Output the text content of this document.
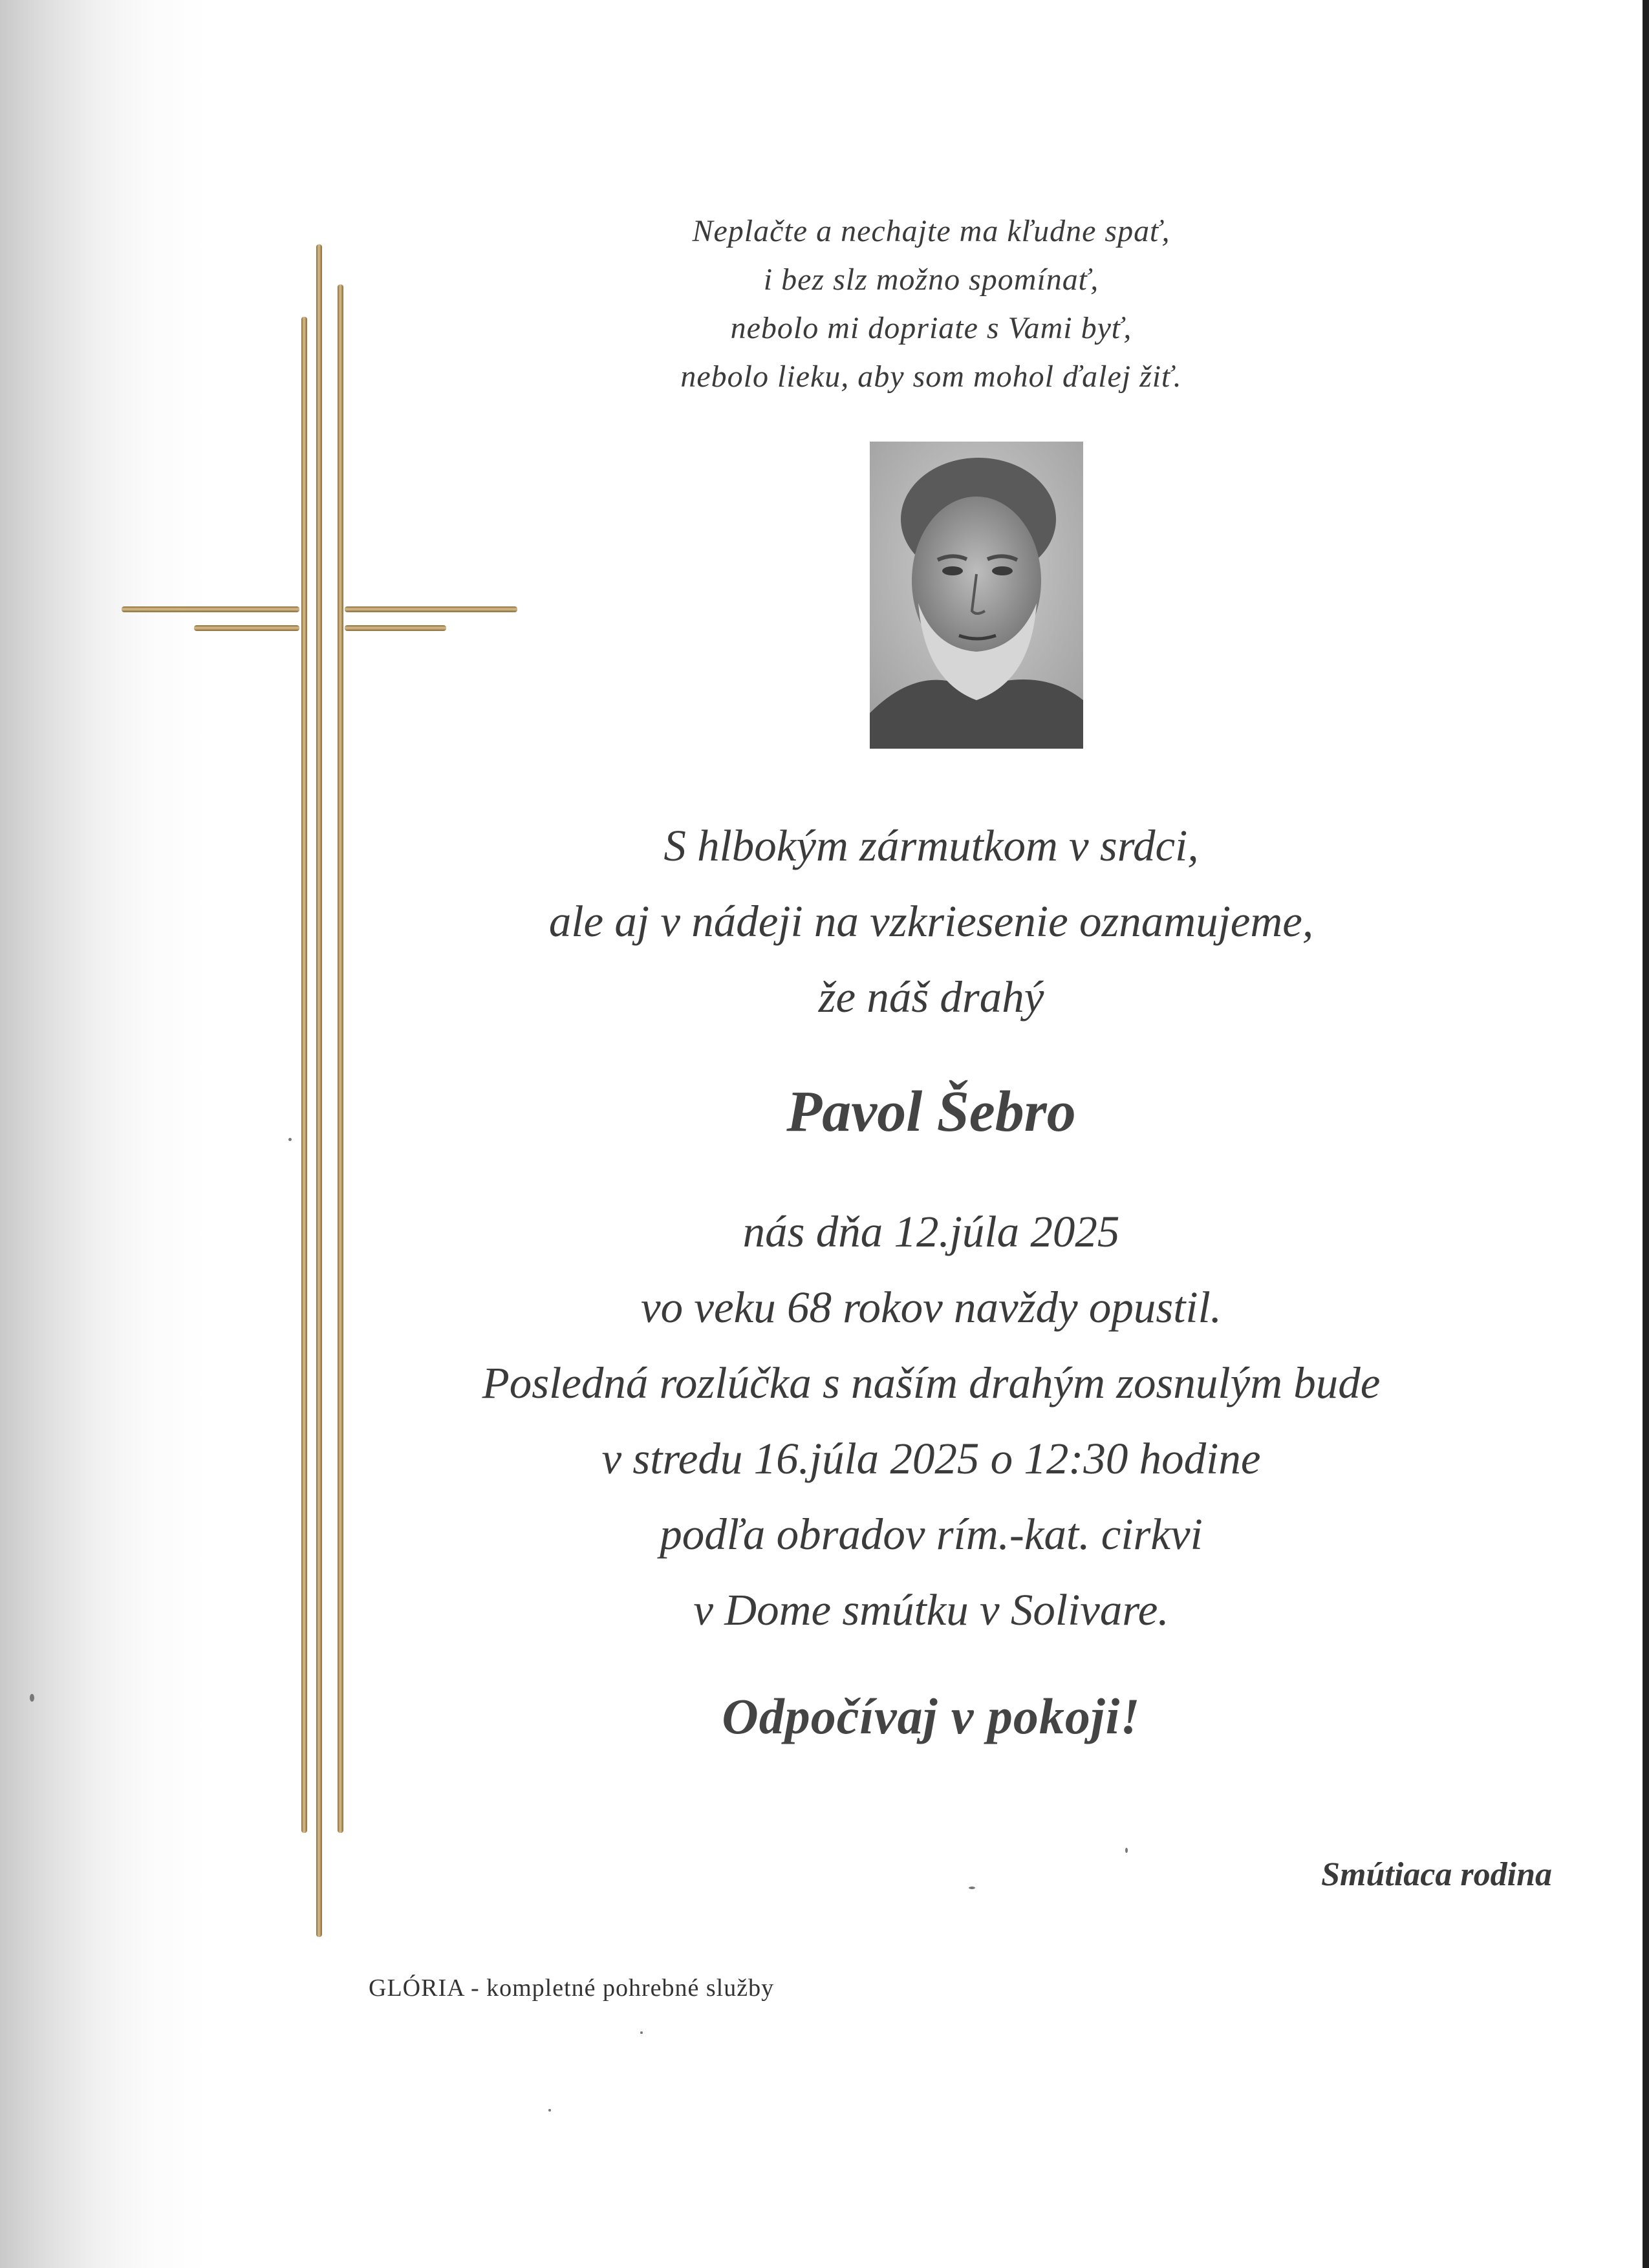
Neplačte a nechajte ma kľudne spať,
i bez slz možno spomínať,
nebolo mi dopriate s Vami byť,
nebolo lieku, aby som mohol ďalej žiť.
S hlbokým zármutkom v srdci,
ale aj v nádeji na vzkriesenie oznamujeme,
že náš drahý
Pavol Šebro
nás dňa 12.júla 2025
vo veku 68 rokov navždy opustil.
Posledná rozlúčka s naším drahým zosnulým bude
v stredu 16.júla 2025 o 12:30 hodine
podľa obradov rím.-kat. cirkvi
v Dome smútku v Solivare.
Odpočívaj v pokoji!
Smútiaca rodina
GLÓRIA - kompletné pohrebné služby
